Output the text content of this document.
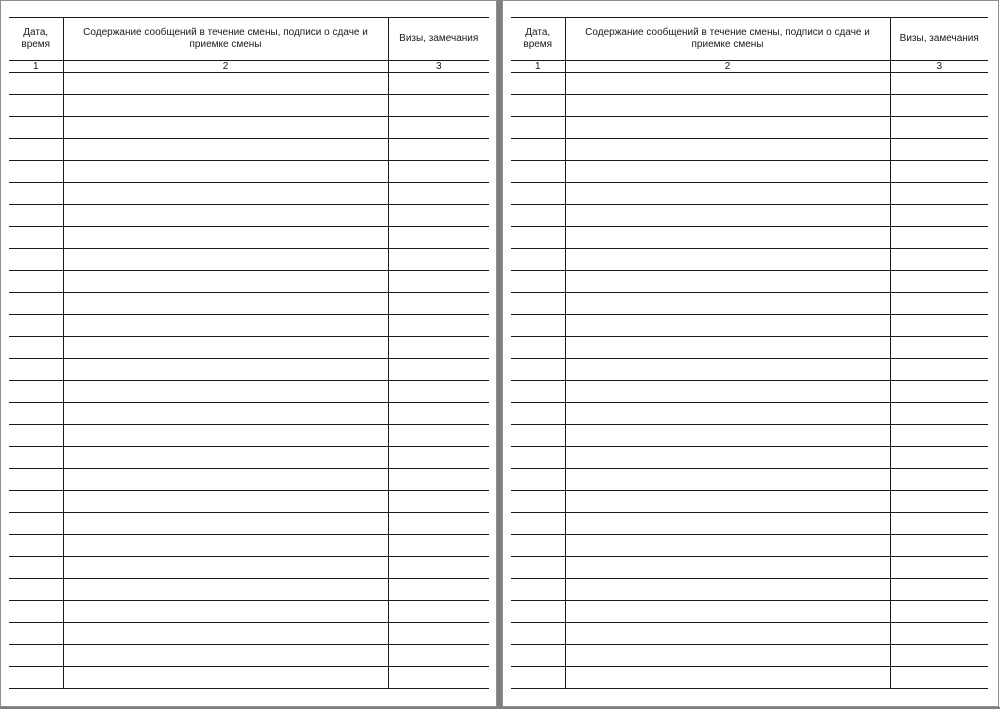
Дата, время	Содержание сообщений в течение смены, подписи о сдаче и приемке смены	Визы, замечания
1	2	3

Дата, время	Содержание сообщений в течение смены, подписи о сдаче и приемке смены	Визы, замечания
1	2	3
